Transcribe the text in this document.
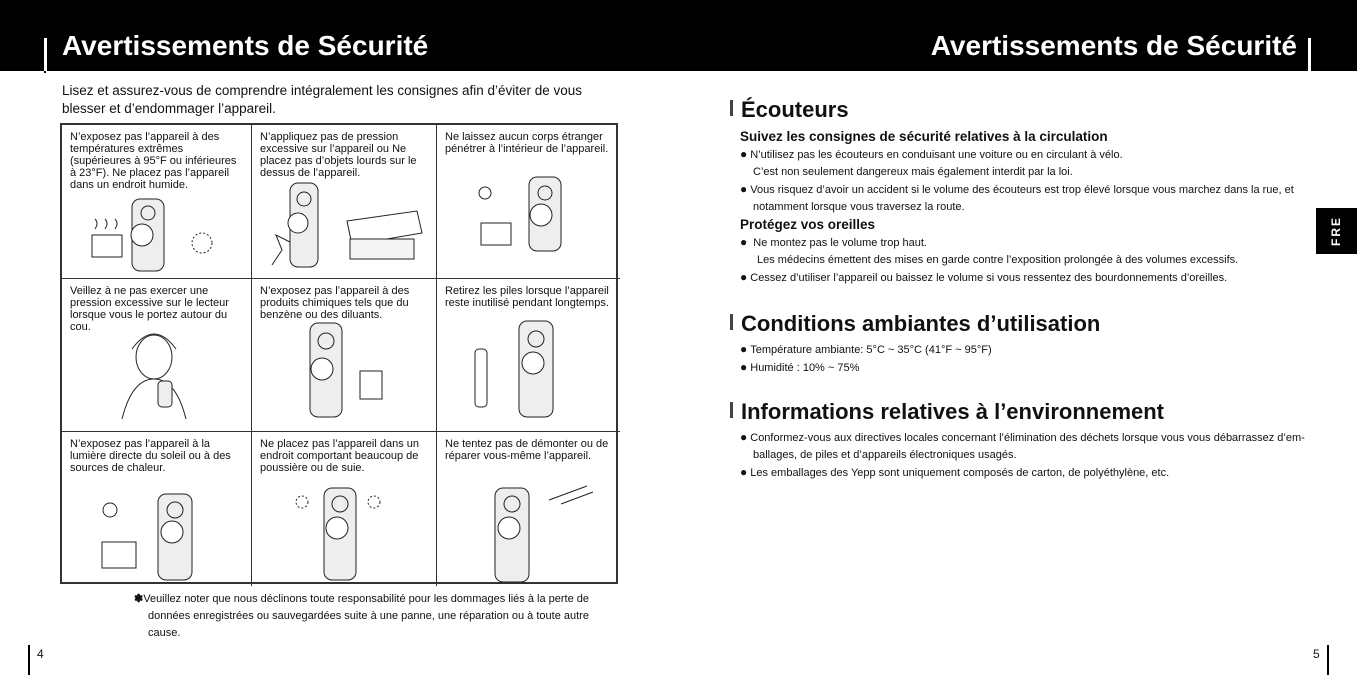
Avertissements de Sécurité	Avertissements de Sécurité
Lisez et assurez-vous de comprendre intégralement les consignes afin d’éviter de vous blesser et d’endommager l’appareil.
N’exposez pas l’appareil à des températures extrêmes (supérieures à 95°F ou inférieures à 23°F). Ne placez pas l’appareil dans un endroit humide.
N’appliquez pas de pression excessive sur l’appareil ou Ne placez pas d’objets lourds sur le dessus de l’appareil.
Ne laissez aucun corps étranger pénétrer à l’intérieur de l’appareil.
Veillez à ne pas exercer une pression excessive sur le lecteur lorsque vous le portez autour du cou.
N’exposez pas l’appareil à des produits chimiques tels que du benzène ou des diluants.
Retirez les piles lorsque l’appareil reste inutilisé pendant longtemps.
N’exposez pas l’appareil à la lumière directe du soleil ou à des sources de chaleur.
Ne placez pas l’appareil dans un endroit comportant beaucoup de poussière ou de suie.
Ne tentez pas de démonter ou de réparer vous-même l’appareil.
✽Veuillez noter que nous déclinons toute responsabilité pour les dommages liés à la perte de
données enregistrées ou sauvegardées suite à une panne, une réparation ou à toute autre cause.
4	5
FRE
Écouteurs
Suivez les consignes de sécurité relatives à la circulation
● N’utilisez pas les écouteurs en conduisant une voiture ou en circulant à vélo.
C’est non seulement dangereux mais également interdit par la loi.
● Vous risquez d’avoir un accident si le volume des écouteurs est trop élevé lorsque vous marchez dans la rue, et
notamment lorsque vous traversez la route.
Protégez vos oreilles
● Ne montez pas le volume trop haut.
Les médecins émettent des mises en garde contre l’exposition prolongée à des volumes excessifs.
● Cessez d’utiliser l’appareil ou baissez le volume si vous ressentez des bourdonnements d’oreilles.
Conditions ambiantes d’utilisation
● Température ambiante: 5°C ~ 35°C (41°F ~ 95°F)
● Humidité : 10% ~ 75%
Informations relatives à l’environnement
● Conformez-vous aux directives locales concernant l’élimination des déchets lorsque vous vous débarrassez d’em-
ballages, de piles et d’appareils électroniques usagés.
● Les emballages des Yepp sont uniquement composés de carton, de polyéthylène, etc.
